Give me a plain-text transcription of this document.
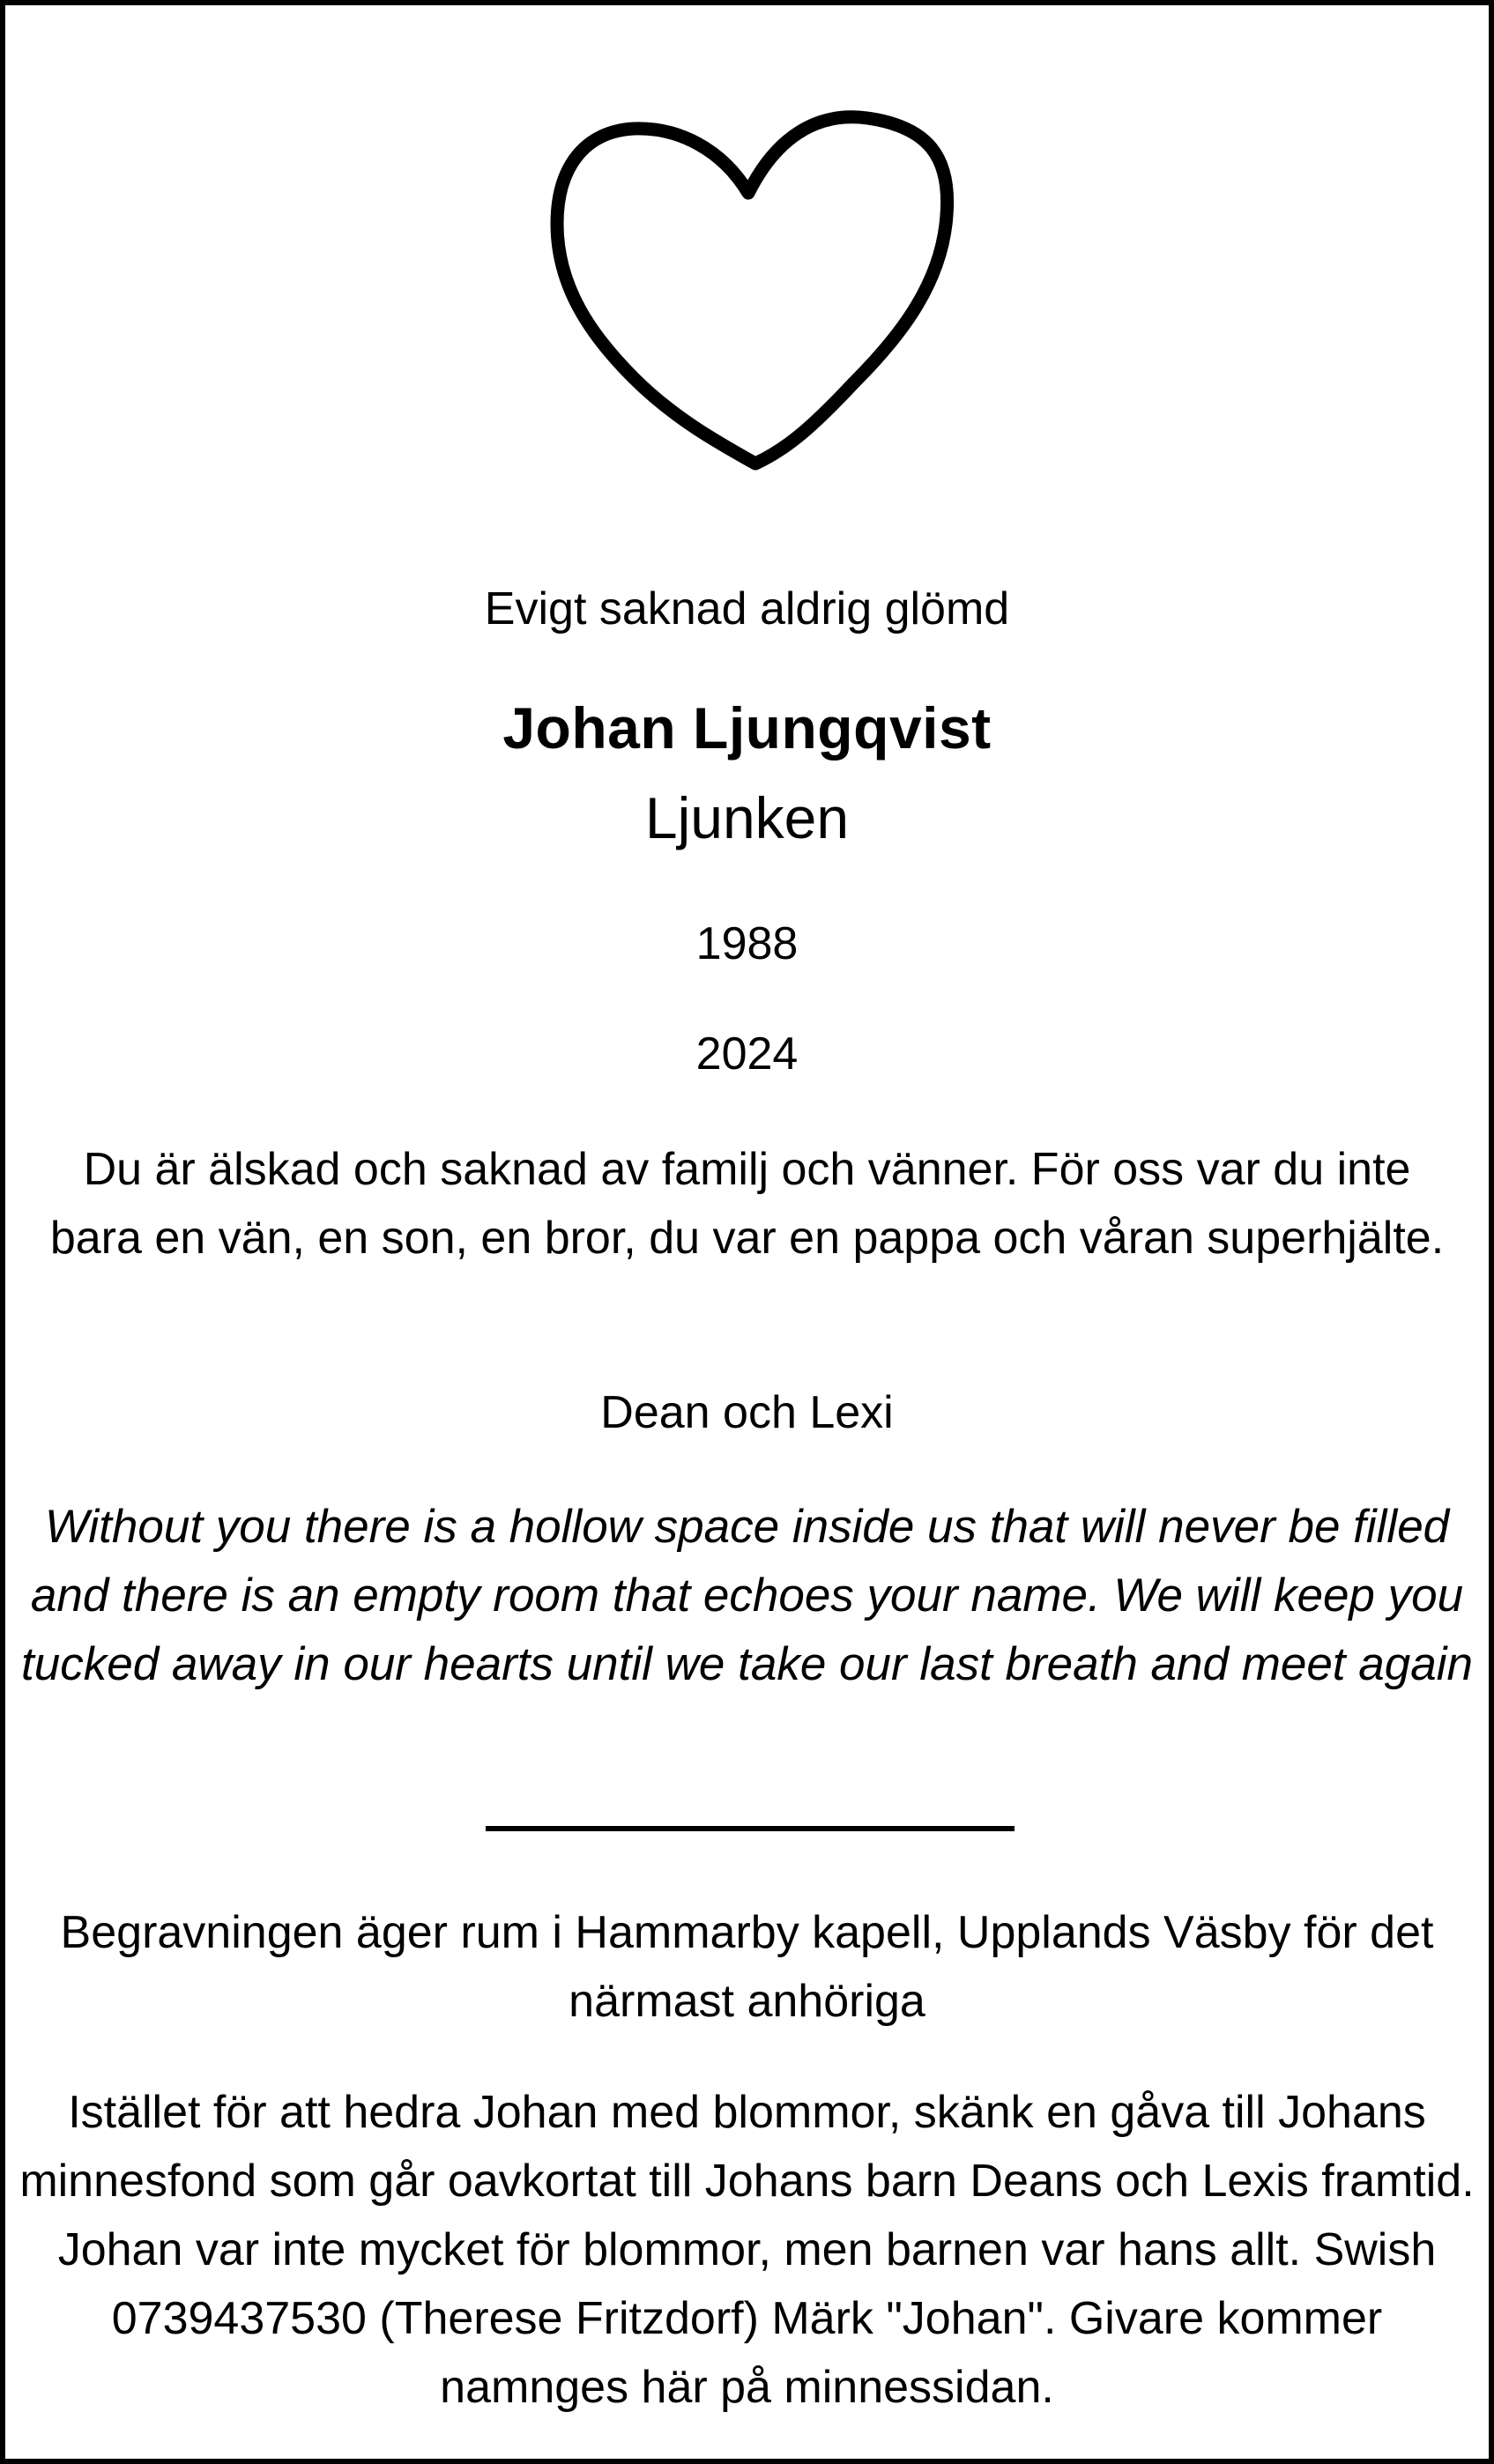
Evigt saknad aldrig glömd

Johan Ljungqvist

Ljunken

1988

2024

Du är älskad och saknad av familj och vänner. För oss var du inte bara en vän, en son, en bror, du var en pappa och våran superhjälte.

Dean och Lexi

Without you there is a hollow space inside us that will never be filled and there is an empty room that echoes your name. We will keep you tucked away in our hearts until we take our last breath and meet again

Begravningen äger rum i Hammarby kapell, Upplands Väsby för det närmast anhöriga

Istället för att hedra Johan med blommor, skänk en gåva till Johans minnesfond som går oavkortat till Johans barn Deans och Lexis framtid. Johan var inte mycket för blommor, men barnen var hans allt. Swish 0739437530 (Therese Fritzdorf) Märk "Johan". Givare kommer namnges här på minnessidan.
